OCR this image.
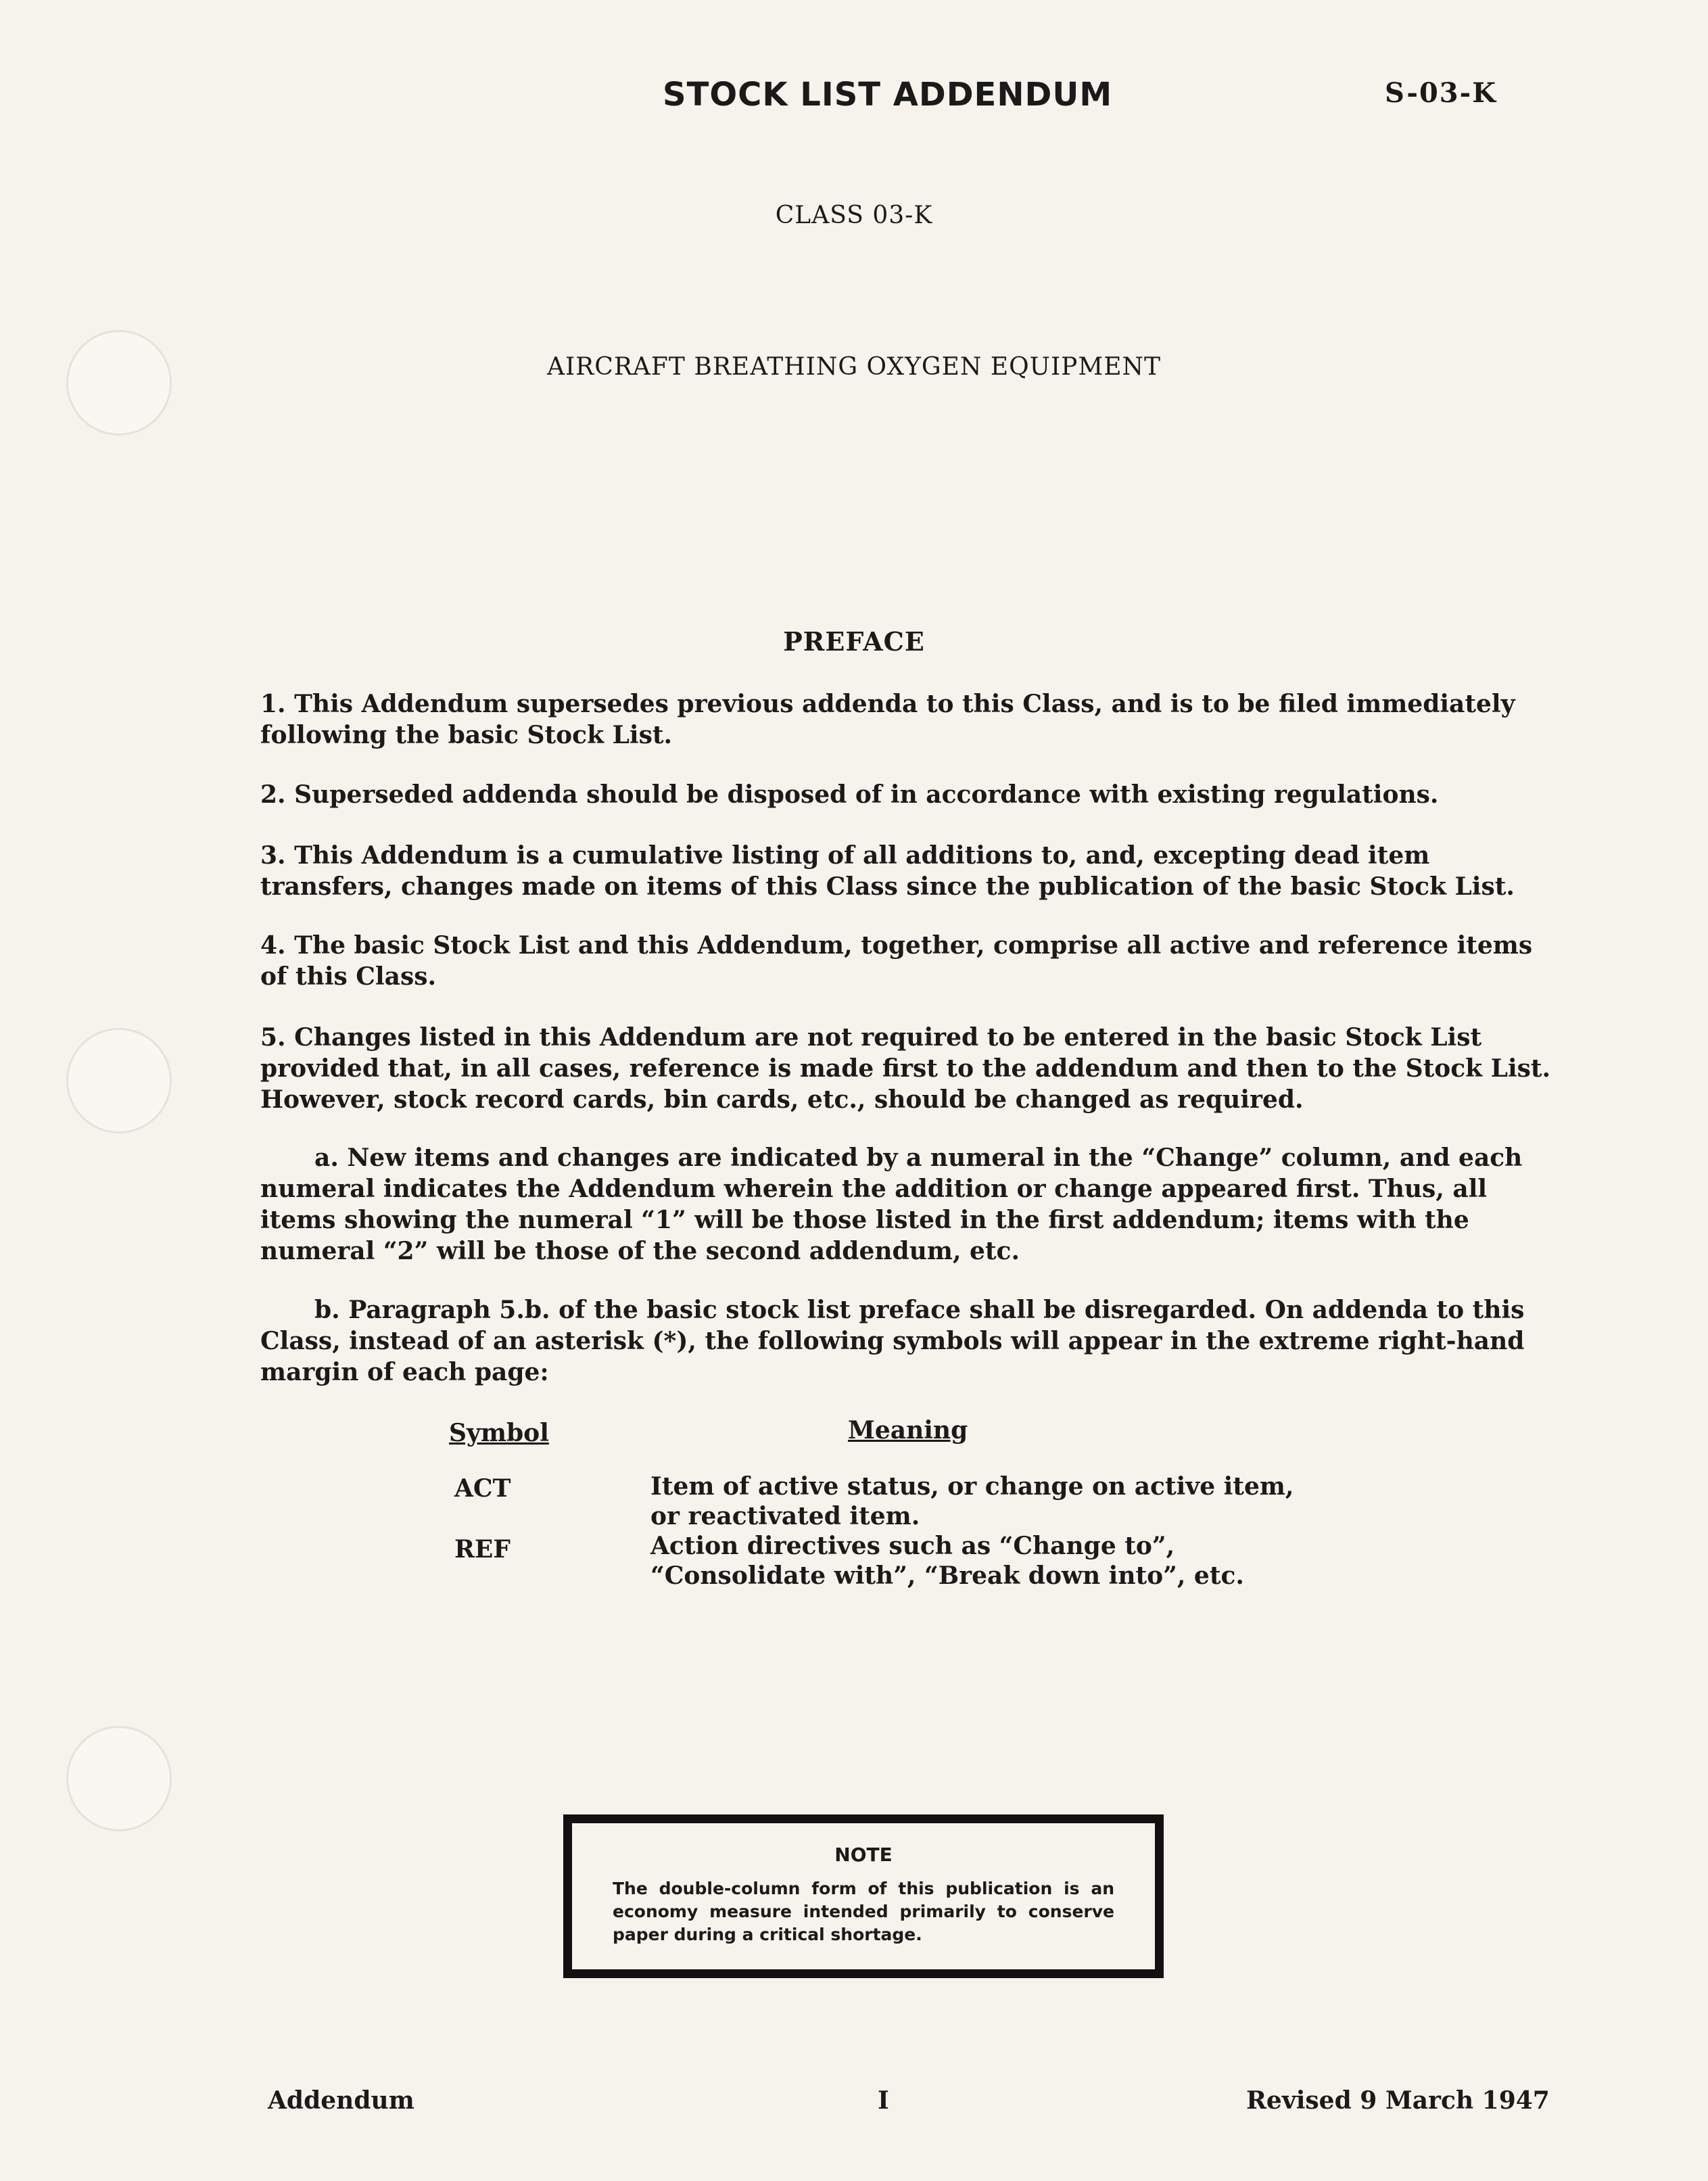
STOCK LIST ADDENDUM	S-03-K
CLASS 03-K
AIRCRAFT BREATHING OXYGEN EQUIPMENT
PREFACE
1. This Addendum supersedes previous addenda to this Class, and is to be filed immediately following the basic Stock List.
2. Superseded addenda should be disposed of in accordance with existing regulations.
3. This Addendum is a cumulative listing of all additions to, and, excepting dead item transfers, changes made on items of this Class since the publication of the basic Stock List.
4. The basic Stock List and this Addendum, together, comprise all active and reference items of this Class.
5. Changes listed in this Addendum are not required to be entered in the basic Stock List provided that, in all cases, reference is made first to the addendum and then to the Stock List. However, stock record cards, bin cards, etc., should be changed as required.
a. New items and changes are indicated by a numeral in the “Change” column, and each numeral indicates the Addendum wherein the addition or change appeared first. Thus, all items showing the numeral “1” will be those listed in the first addendum; items with the numeral “2” will be those of the second addendum, etc.
b. Paragraph 5.b. of the basic stock list preface shall be disregarded. On addenda to this Class, instead of an asterisk (*), the following symbols will appear in the extreme right-hand margin of each page:
Symbol	Meaning
ACT	Item of active status, or change on active item, or reactivated item.
REF	Action directives such as “Change to”, “Consolidate with”, “Break down into”, etc.
NOTE
The double-column form of this publication is an economy measure intended primarily to conserve paper during a critical shortage.
Addendum	I	Revised 9 March 1947
